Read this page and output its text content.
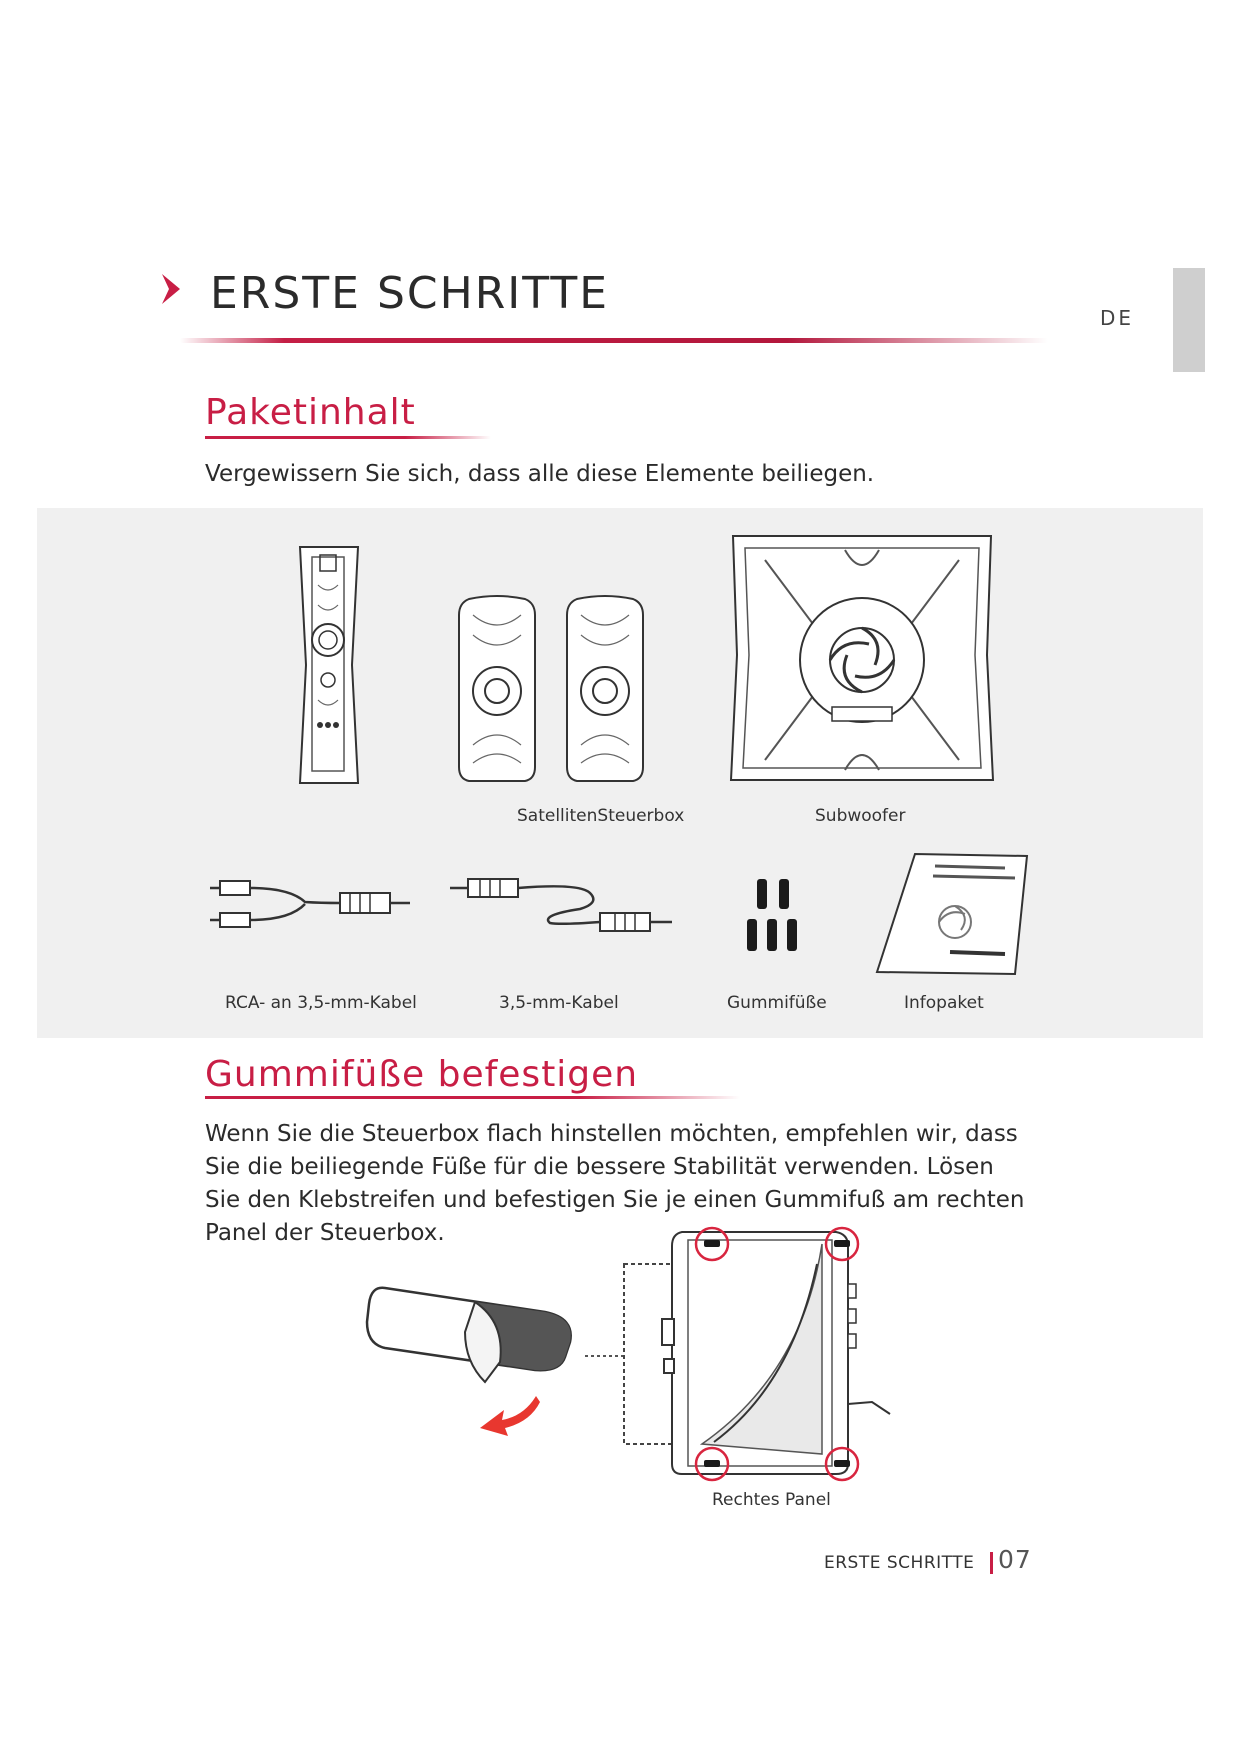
ERSTE SCHRITTE	DE
Paketinhalt
Vergewissern Sie sich, dass alle diese Elemente beiliegen.
SatellitenSteuerbox	Subwoofer
RCA- an 3,5-mm-Kabel	3,5-mm-Kabel	Gummifüße	Infopaket
Gummifüße befestigen
Wenn Sie die Steuerbox flach hinstellen möchten, empfehlen wir, dass Sie die beiliegende Füße für die bessere Stabilität verwenden. Lösen Sie den Klebstreifen und befestigen Sie je einen Gummifuß am rechten Panel der Steuerbox.
Rechtes Panel
ERSTE SCHRITTE 07
